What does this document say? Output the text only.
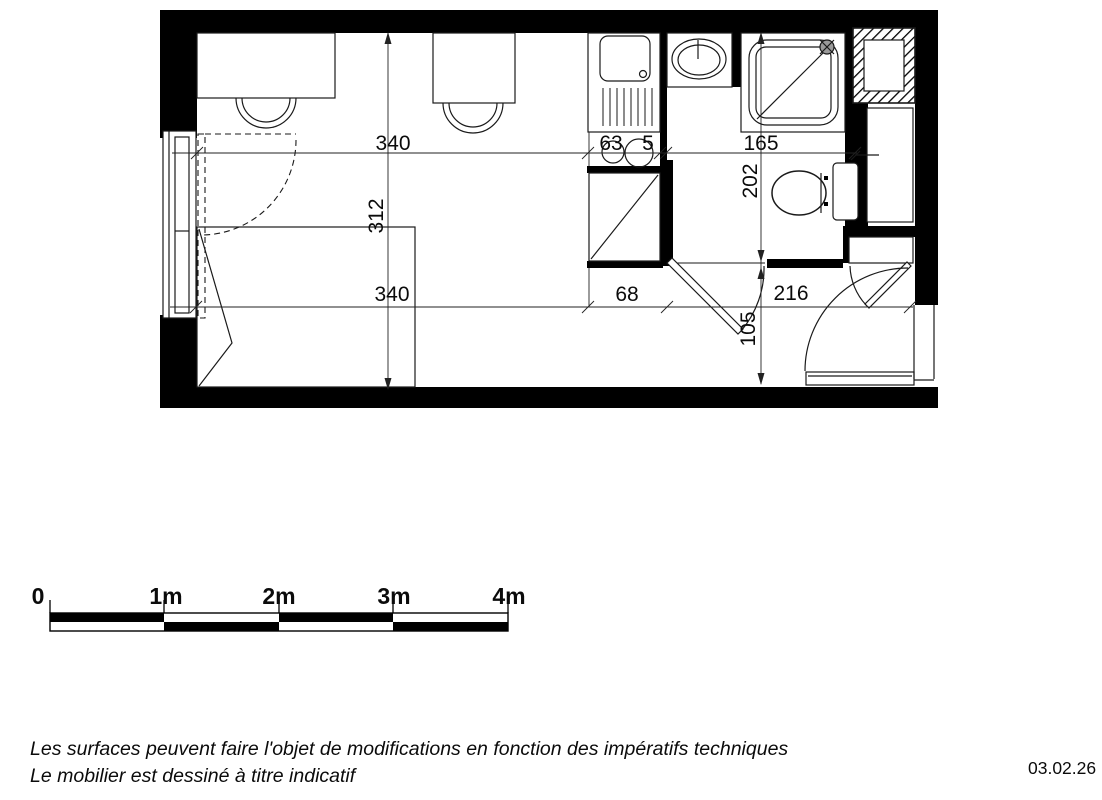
340	63 5	165
202
312
340	68	216
105
0	1m	2m	3m	4m
Les surfaces peuvent faire l'objet de modifications en fonction des impératifs techniques
Le mobilier est dessiné à titre indicatif	03.02.26
